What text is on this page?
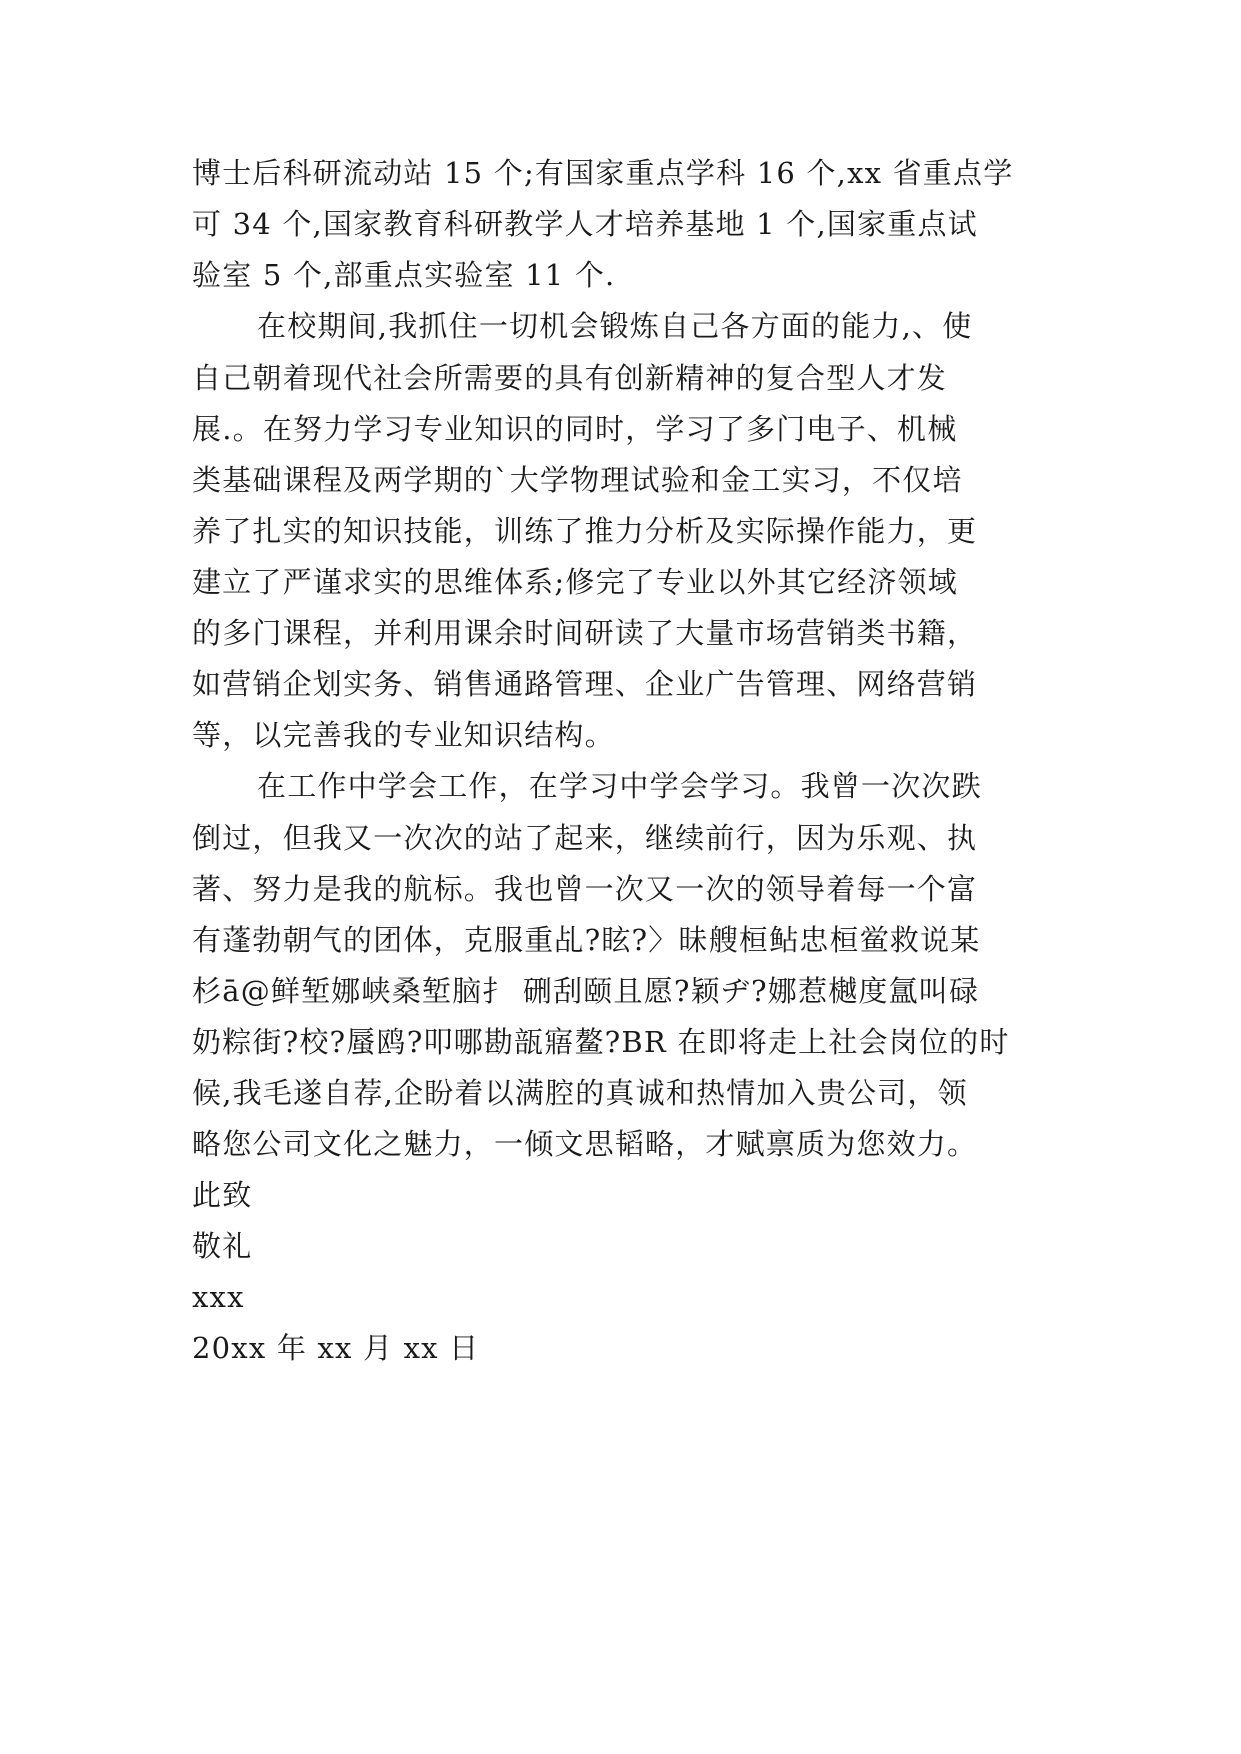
博士后科研流动站 15 个;有国家重点学科 16 个,xx 省重点学
可 34 个,国家教育科研教学人才培养基地 1 个,国家重点试
验室 5 个,部重点实验室 11 个.
在校期间,我抓住一切机会锻炼自己各方面的能力,、使
自己朝着现代社会所需要的具有创新精神的复合型人才发
展.。在努力学习专业知识的同时，学习了多门电子、机械
类基础课程及两学期的`大学物理试验和金工实习，不仅培
养了扎实的知识技能，训练了推力分析及实际操作能力，更
建立了严谨求实的思维体系;修完了专业以外其它经济领域
的多门课程，并利用课余时间研读了大量市场营销类书籍，
如营销企划实务、销售通路管理、企业广告管理、网络营销
等，以完善我的专业知识结构。
在工作中学会工作，在学习中学会学习。我曾一次次跌
倒过，但我又一次次的站了起来，继续前行，因为乐观、执
著、努力是我的航标。我也曾一次又一次的领导着每一个富
有蓬勃朝气的团体，克服重乩?眩?〉昧艘桓鲇忠桓鲎救说某
杉ā@鲜堑娜峡桑堑脑扌 硎刮颐且愿?颖ヂ?娜惹樾度氲叫碌
奶粽街?校?蜃鸥?叩哪勘瓿寤鳌?BR 在即将走上社会岗位的时
候,我毛遂自荐,企盼着以满腔的真诚和热情加入贵公司，领
略您公司文化之魅力，一倾文思韬略，才赋禀质为您效力。
此致
敬礼
xxx
20xx 年 xx 月 xx 日
